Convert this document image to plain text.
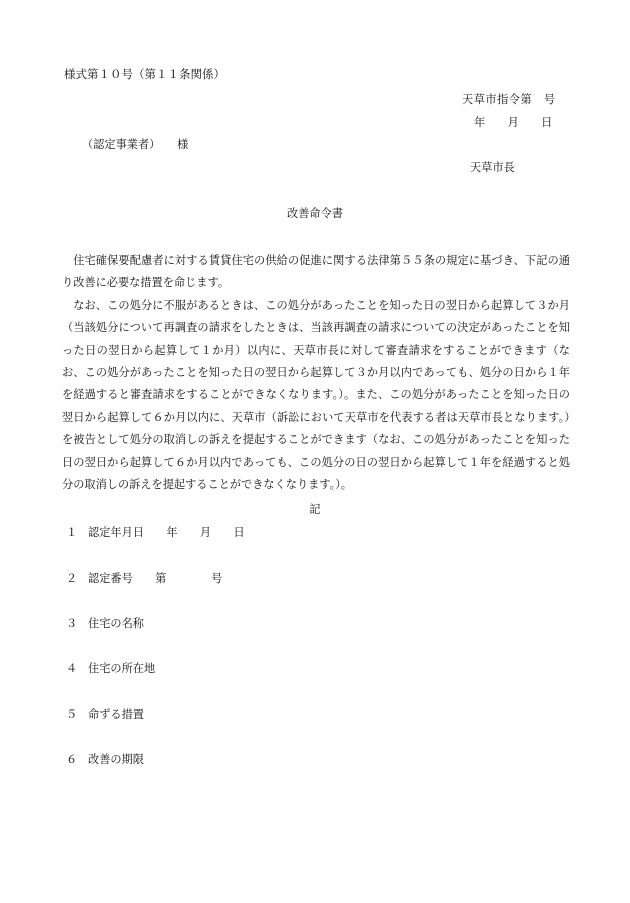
様式第１０号（第１１条関係）
天草市指令第　号
年　　月　　日
（認定事業者）　　様
天草市長
改善命令書

住宅確保要配慮者に対する賃貸住宅の供給の促進に関する法律第５５条の規定に基づき、下記の通り改善に必要な措置を命じます。

なお、この処分に不服があるときは、この処分があったことを知った日の翌日から起算して３か月（当該処分について再調査の請求をしたときは、当該再調査の請求についての決定があったことを知った日の翌日から起算して１か月）以内に、天草市長に対して審査請求をすることができます（なお、この処分があったことを知った日の翌日から起算して３か月以内であっても、処分の日から１年を経過すると審査請求をすることができなくなります。）。また、この処分があったことを知った日の翌日から起算して６か月以内に、天草市（訴訟において天草市を代表する者は天草市長となります。）を被告として処分の取消しの訴えを提起することができます（なお、この処分があったことを知った日の翌日から起算して６か月以内であっても、この処分の日の翌日から起算して１年を経過すると処分の取消しの訴えを提起することができなくなります。）。

記
１ 認定年月日　　年　　月　　日
２ 認定番号　　第　　　　号
３ 住宅の名称
４ 住宅の所在地
５ 命ずる措置
６ 改善の期限
